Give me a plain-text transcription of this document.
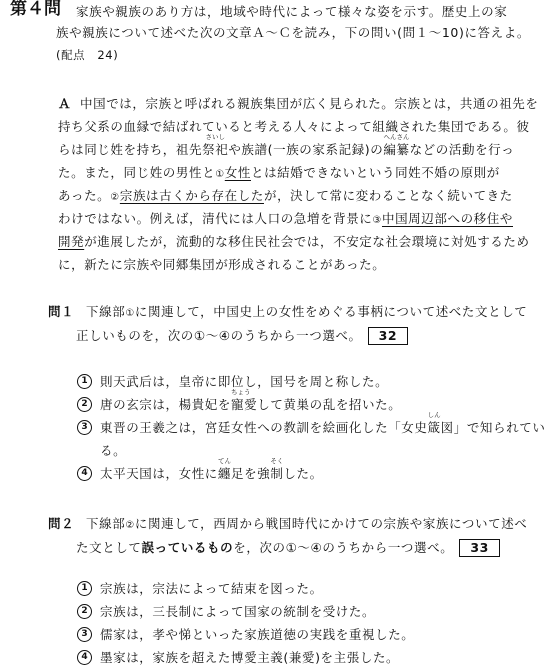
第４問 家族や親族のあり方は，地域や時代によって様々な姿を示す。歴史上の家
族や親族について述べた次の文章Ａ～Ｃを読み，下の問い(問１～10)に答えよ。
(配点　24)
Ａ 中国では，宗族と呼ばれる親族集団が広く見られた。宗族とは，共通の祖先を
持ち父系の血縁で結ばれていると考える人々によって組織された集団である。彼
らは同じ姓を持ち，祖先
さいし
祭祀や族譜(一族の家系記録)の
へんさん
編纂などの活動を行っ
た。また，同じ姓の男性と①女性とは結婚できないという同姓不婚の原則が
あった。②宗族は古くから存在したが，決して常に変わることなく続いてきた
わけではない。例えば，清代には人口の急増を背景に③中国周辺部への移住や
開発が進展したが，流動的な移住民社会では，不安定な社会環境に対処するため
に，新たに宗族や同郷集団が形成されることがあった。
問１ 下線部①に関連して，中国史上の女性をめぐる事柄について述べた文として
正しいものを，次の①～④のうちから一つ選べ。 32
1 則天武后は，皇帝に即位し，国号を周と称した。
2 唐の玄宗は，楊貴妃を
ちょう
寵愛して黄巣の乱を招いた。
3 東晋の王羲之は，宮廷女性への教訓を絵画化した「女史
しん
箴図」で知られてい
る。
4 太平天国は，女性に
てん
纏
そく
足を強制した。
問２ 下線部②に関連して，西周から戦国時代にかけての宗族や家族について述べ
た文として誤っているものを，次の①～④のうちから一つ選べ。 33
1 宗族は，宗法によって結束を図った。
2 宗族は，三長制によって国家の統制を受けた。
3 儒家は，孝や悌といった家族道徳の実践を重視した。
4 墨家は，家族を超えた博愛主義(兼愛)を主張した。
